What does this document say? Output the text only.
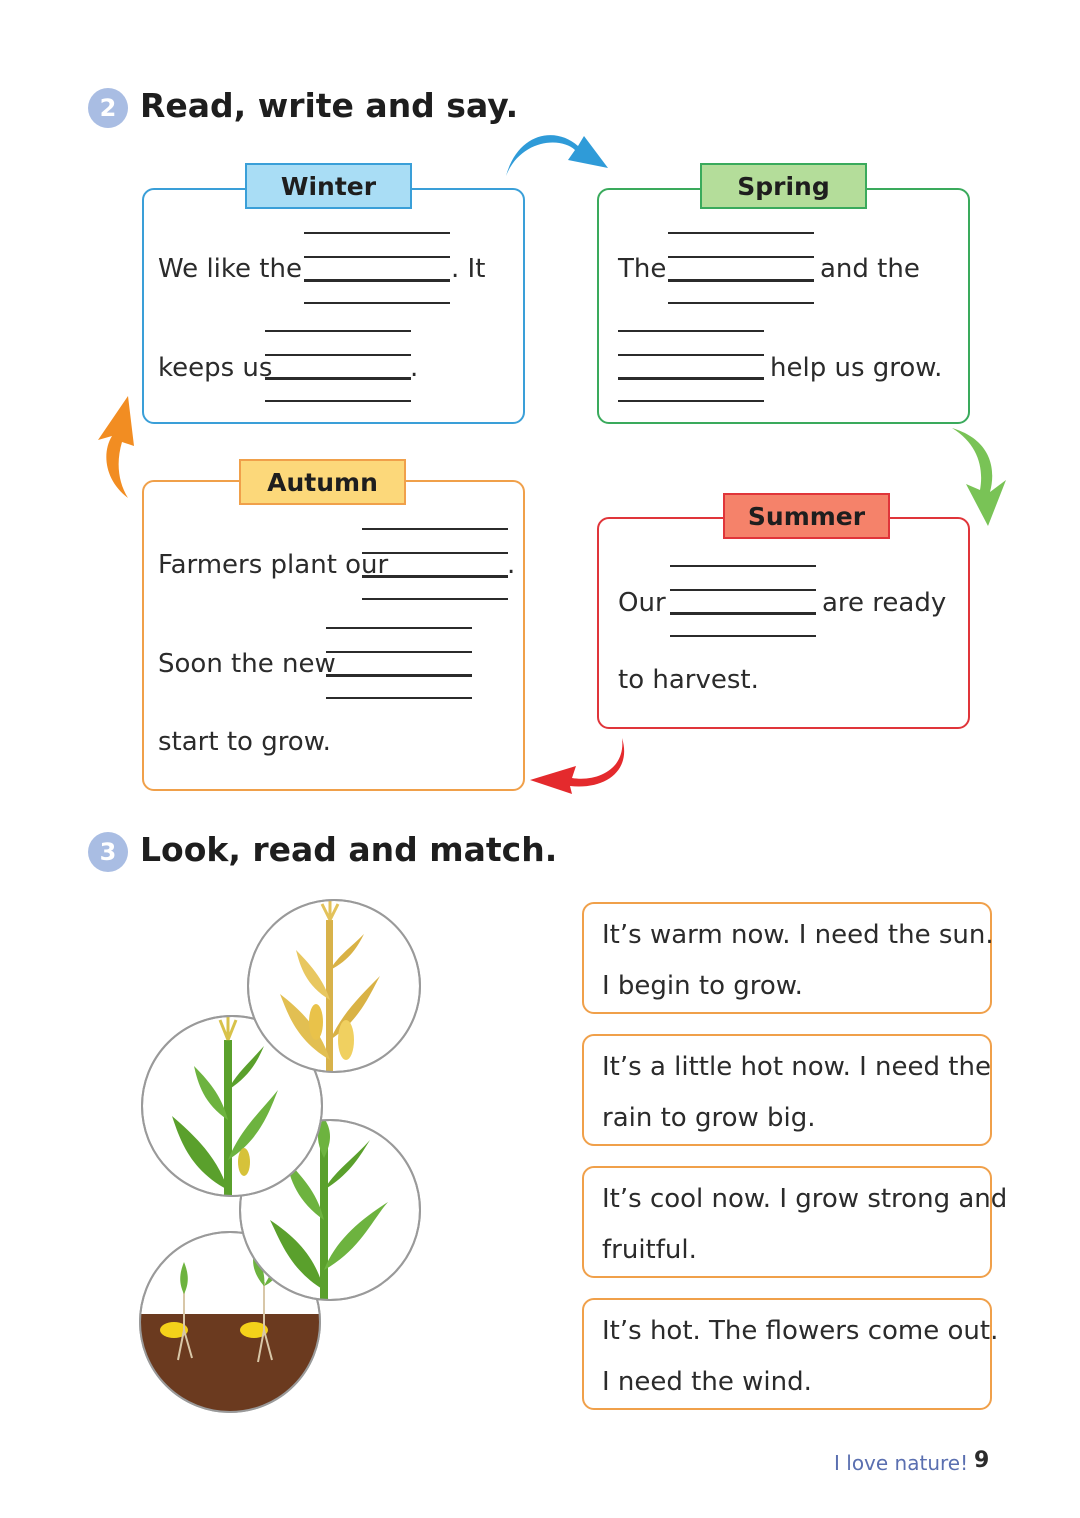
2 Read, write and say.
Winter
We like the	. It
keeps us	.
Spring
The	and the
help us grow.
Autumn
Farmers plant our	.
Soon the new
start to grow.
Summer
Our	are ready
to harvest.
3 Look, read and match.
It’s warm now. I need the sun.
I begin to grow.
It’s a little hot now. I need the
rain to grow big.
It’s cool now. I grow strong and
fruitful.
It’s hot. The flowers come out.
I need the wind.
I love nature! 9
